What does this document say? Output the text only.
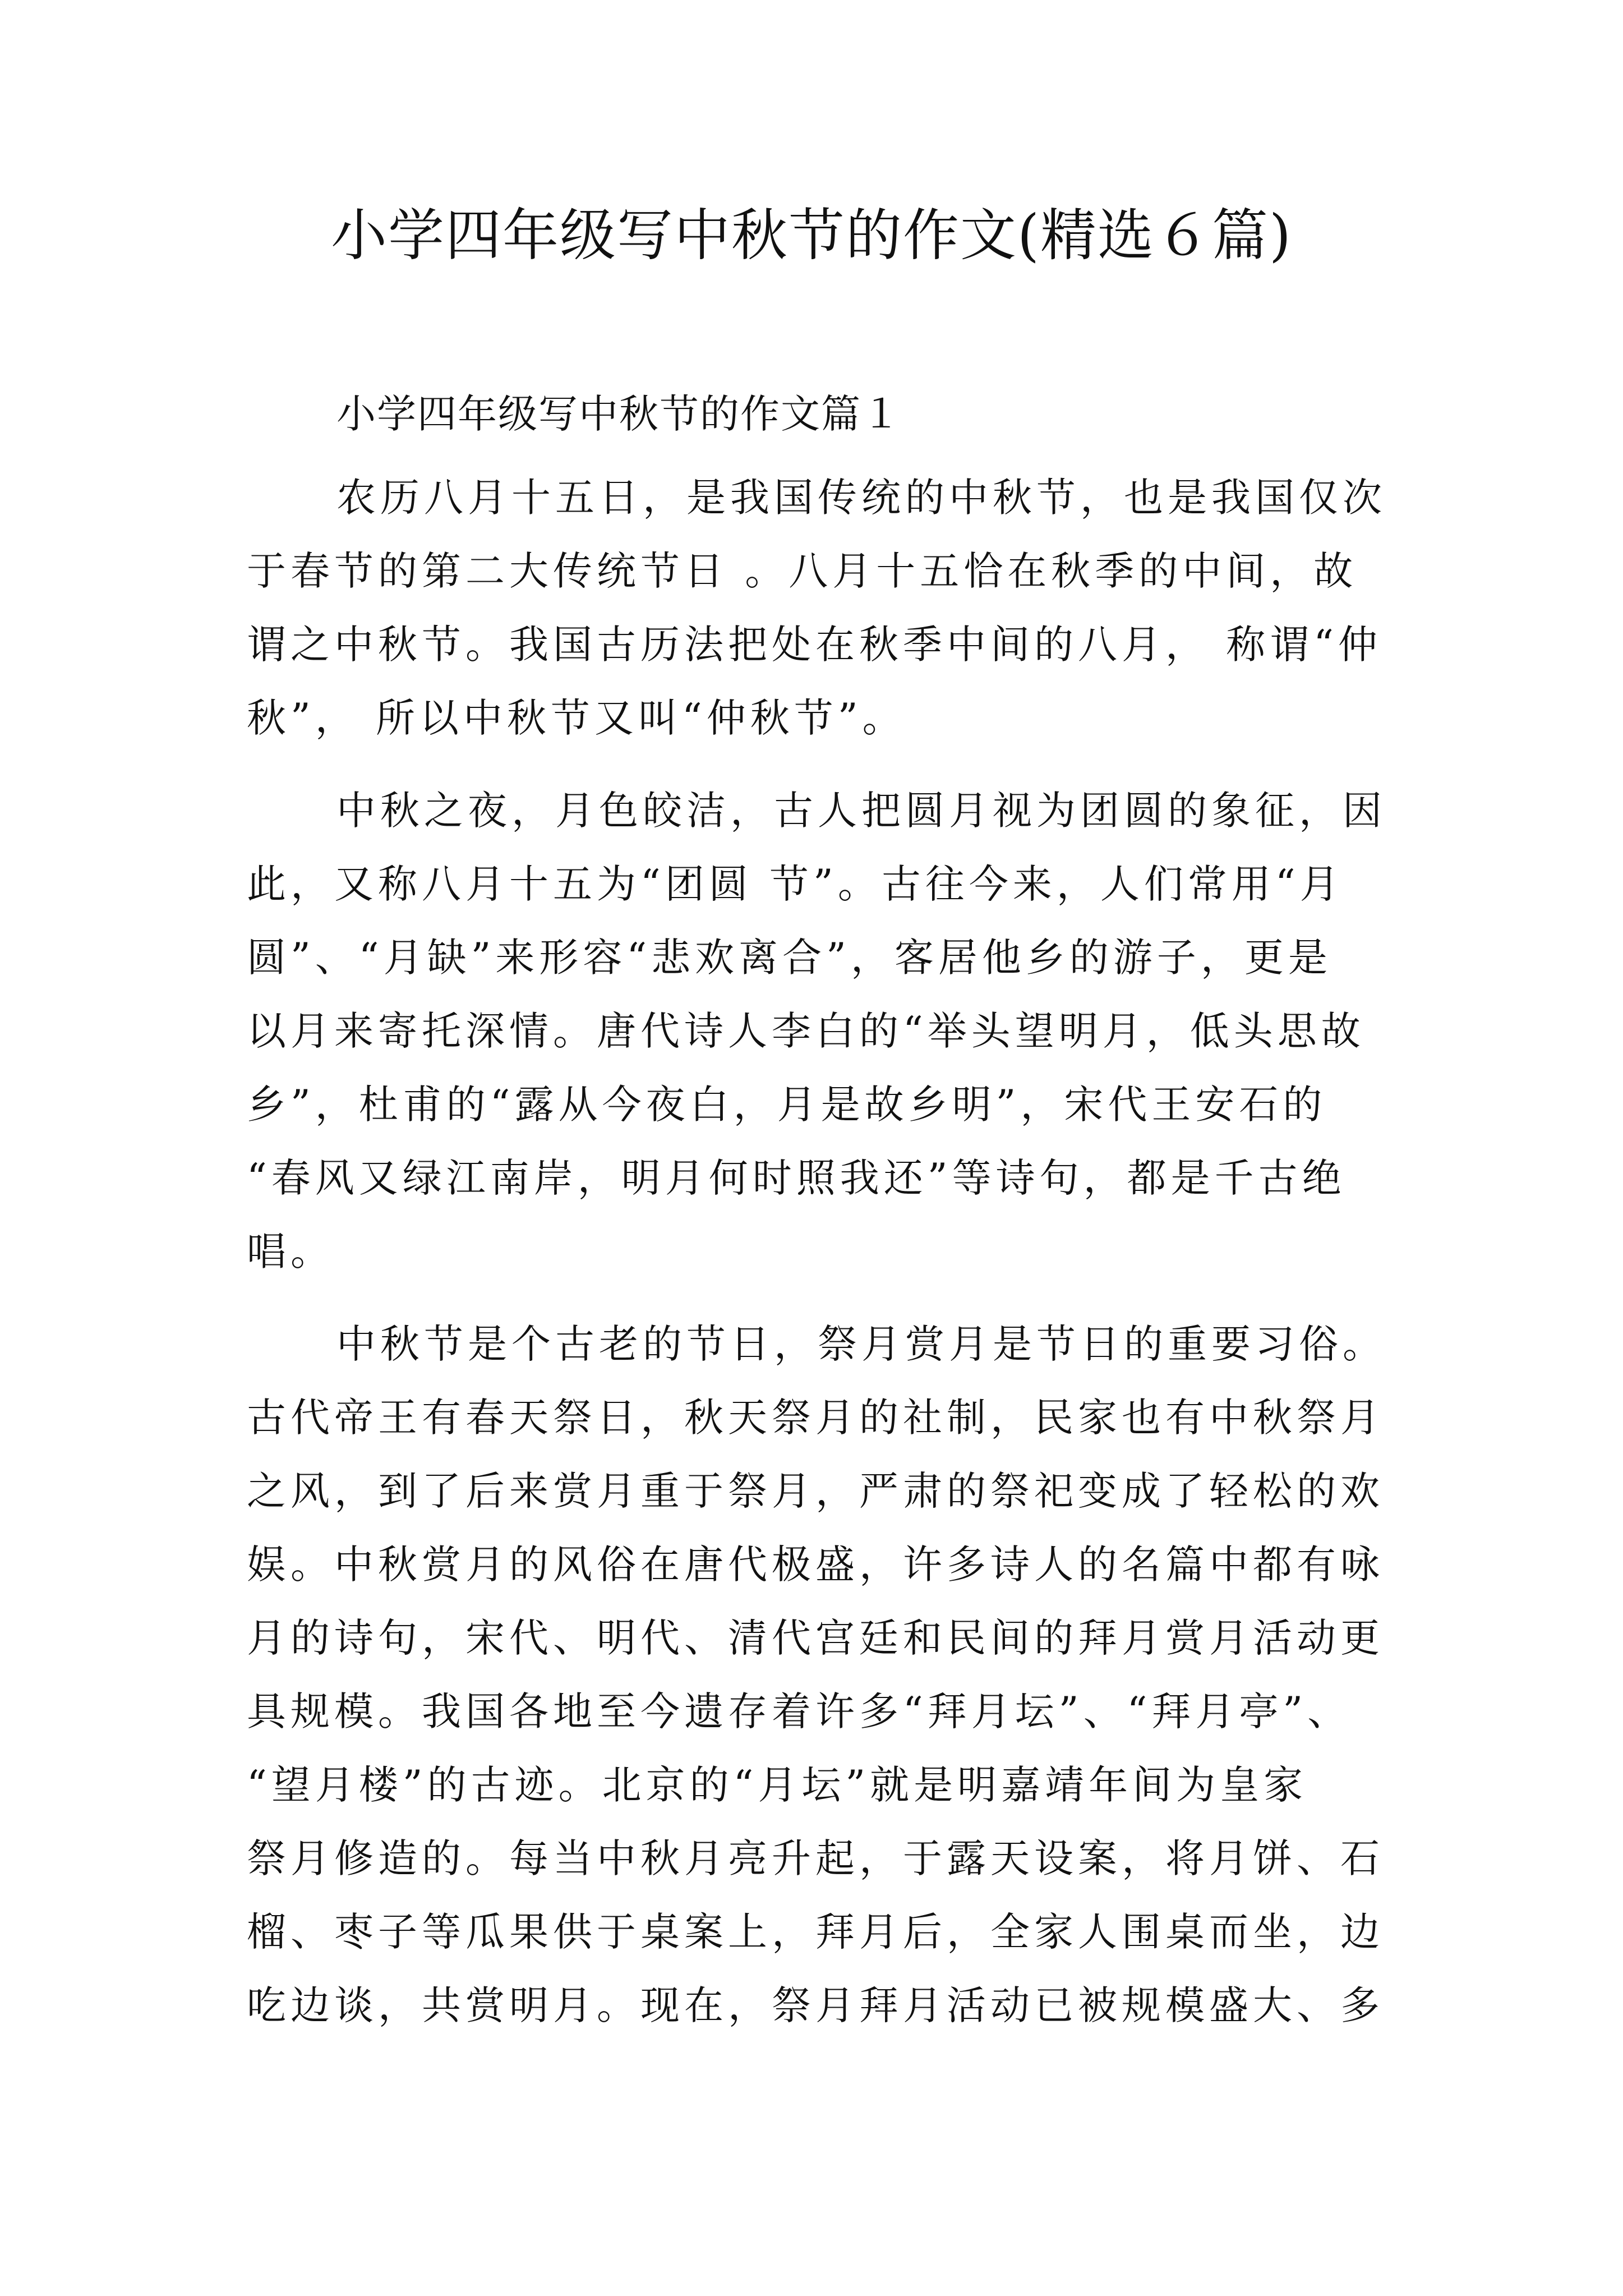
小学四年级写中秋节的作文(精选６篇)

小学四年级写中秋节的作文篇１

农历八月十五日，是我国传统的中秋节，也是我国仅次
于春节的第二大传统节日 。八月十五恰在秋季的中间，故
谓之中秋节。我国古历法把处在秋季中间的八月， 称谓“仲
秋”， 所以中秋节又叫“仲秋节”。

中秋之夜，月色皎洁，古人把圆月视为团圆的象征，因
此，又称八月十五为“团圆 节”。古往今来，人们常用“月
圆”、“月缺”来形容“悲欢离合”，客居他乡的游子，更是
以月来寄托深情。唐代诗人李白的“举头望明月，低头思故
乡”，杜甫的“露从今夜白，月是故乡明”，宋代王安石的
“春风又绿江南岸，明月何时照我还”等诗句，都是千古绝
唱。

中秋节是个古老的节日，祭月赏月是节日的重要习俗。
古代帝王有春天祭日，秋天祭月的社制，民家也有中秋祭月
之风，到了后来赏月重于祭月，严肃的祭祀变成了轻松的欢
娱。中秋赏月的风俗在唐代极盛，许多诗人的名篇中都有咏
月的诗句，宋代、明代、清代宫廷和民间的拜月赏月活动更
具规模。我国各地至今遗存着许多“拜月坛”、“拜月亭”、
“望月楼”的古迹。北京的“月坛”就是明嘉靖年间为皇家
祭月修造的。每当中秋月亮升起，于露天设案，将月饼、石
榴、枣子等瓜果供于桌案上，拜月后，全家人围桌而坐，边
吃边谈，共赏明月。现在，祭月拜月活动已被规模盛大、多
